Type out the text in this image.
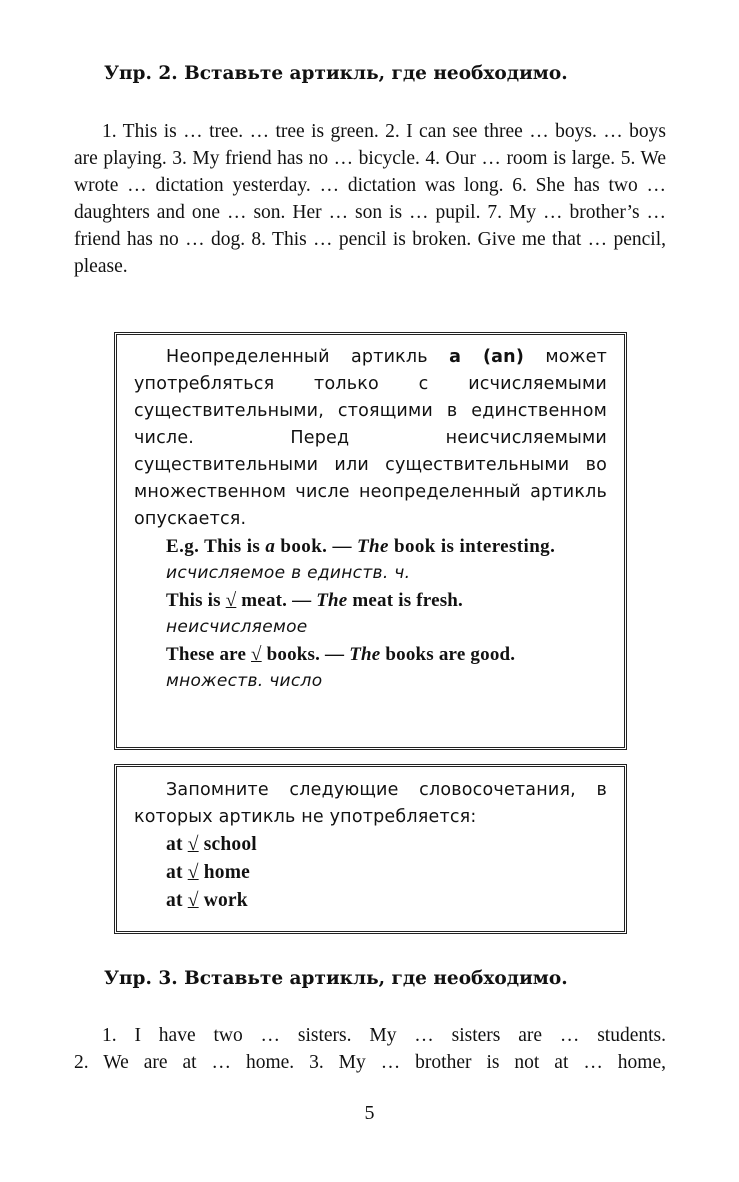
Упр. 2. Вставьте артикль, где необходимо.

1. This is … tree. … tree is green. 2. I can see three … boys. … boys are playing. 3. My friend has no … bicycle. 4. Our … room is large. 5. We wrote … dictation yesterday. … dictation was long. 6. She has two … daughters and one … son. Her … son is … pupil. 7. My … brother’s … friend has no … dog. 8. This … pencil is broken. Give me that … pencil, please.

Неопределенный артикль a (an) может употребляться только с исчисляемыми существительными, стоящими в единственном числе. Перед неисчисляемыми существительными или существительными во множественном числе неопределенный артикль опускается.

E.g. This is a book. — The book is interesting.
исчисляемое в единств. ч.
This is √ meat. — The meat is fresh.
неисчисляемое
These are √ books. — The books are good.
множеств. число

Запомните следующие словосочетания, в которых артикль не употребляется:

at √ school
at √ home
at √ work
Упр. 3. Вставьте артикль, где необходимо.

1. I have two … sisters. My … sisters are … students.

2. We are at … home. 3. My … brother is not at … home,

5
